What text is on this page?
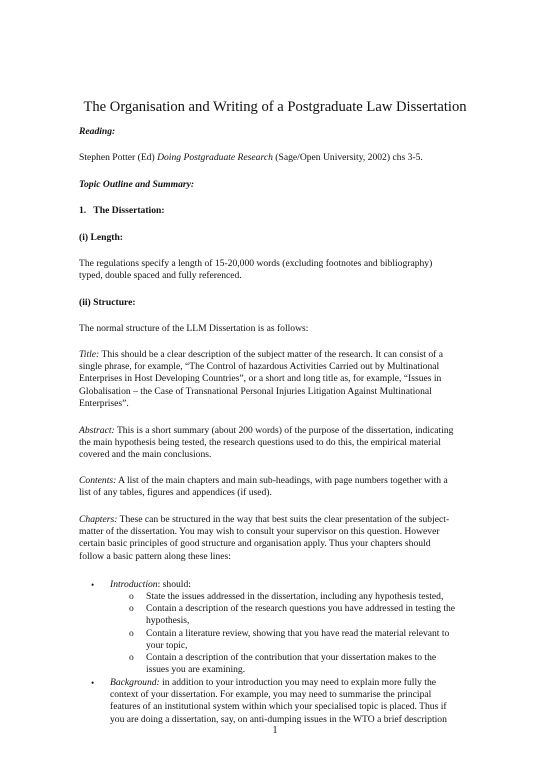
The Organisation and Writing of a Postgraduate Law Dissertation
Reading:
Stephen Potter (Ed) Doing Postgraduate Research (Sage/Open University, 2002) chs 3-5.
Topic Outline and Summary:
1.   The Dissertation:
(i) Length:
The regulations specify a length of 15-20,000 words (excluding footnotes and bibliography)
typed, double spaced and fully referenced.
(ii) Structure:
The normal structure of the LLM Dissertation is as follows:
Title: This should be a clear description of the subject matter of the research. It can consist of a
single phrase, for example, “The Control of hazardous Activities Carried out by Multinational
Enterprises in Host Developing Countries”, or a short and long title as, for example, “Issues in
Globalisation – the Case of Transnational Personal Injuries Litigation Against Multinational
Enterprises”.
Abstract: This is a short summary (about 200 words) of the purpose of the dissertation, indicating
the main hypothesis being tested, the research questions used to do this, the empirical material
covered and the main conclusions.
Contents: A list of the main chapters and main sub-headings, with page numbers together with a
list of any tables, figures and appendices (if used).
Chapters: These can be structured in the way that best suits the clear presentation of the subject-
matter of the dissertation. You may wish to consult your supervisor on this question. However
certain basic principles of good structure and organisation apply. Thus your chapters should
follow a basic pattern along these lines:
• Introduction: should:
o State the issues addressed in the dissertation, including any hypothesis tested,
o Contain a description of the research questions you have addressed in testing the
hypothesis,
o Contain a literature review, showing that you have read the material relevant to
your topic,
o Contain a description of the contribution that your dissertation makes to the
issues you are examining.
• Background: in addition to your introduction you may need to explain more fully the
context of your dissertation. For example, you may need to summarise the principal
features of an institutional system within which your specialised topic is placed. Thus if
you are doing a dissertation, say, on anti-dumping issues in the WTO a brief description
1
